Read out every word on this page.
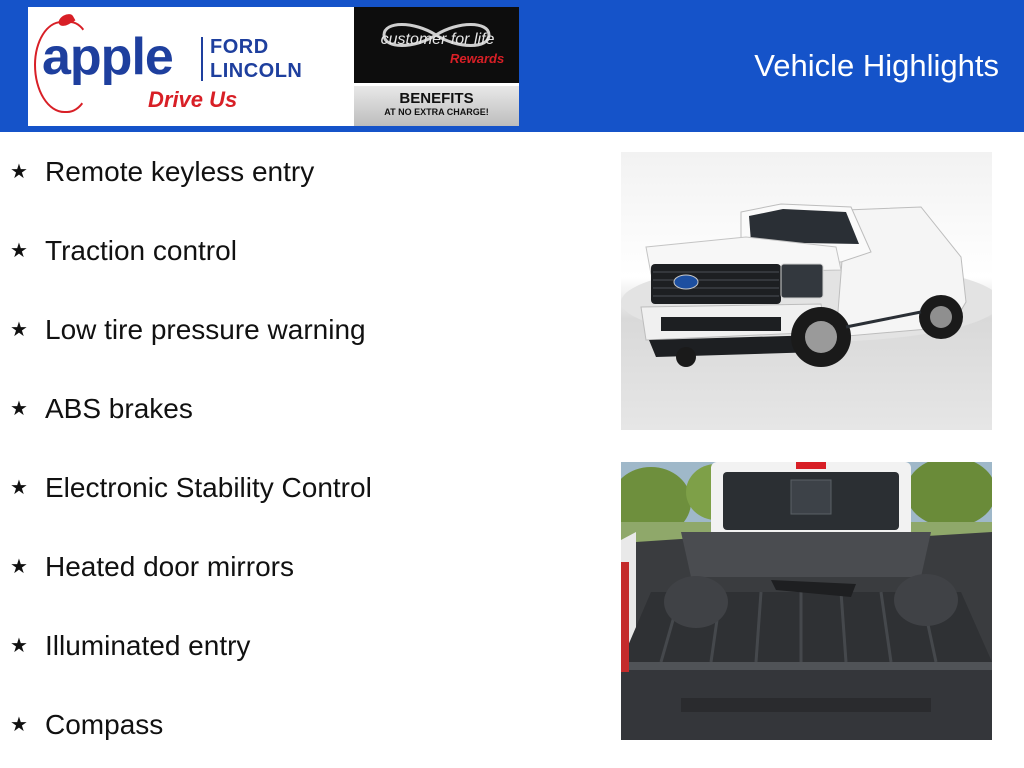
apple FORD
LINCOLN
Drive Us
customer for life
Rewards
BENEFITS
AT NO EXTRA CHARGE!
Vehicle Highlights
★ Remote keyless entry
★ Traction control
★ Low tire pressure warning
★ ABS brakes
★ Electronic Stability Control
★ Heated door mirrors
★ Illuminated entry
★ Compass
